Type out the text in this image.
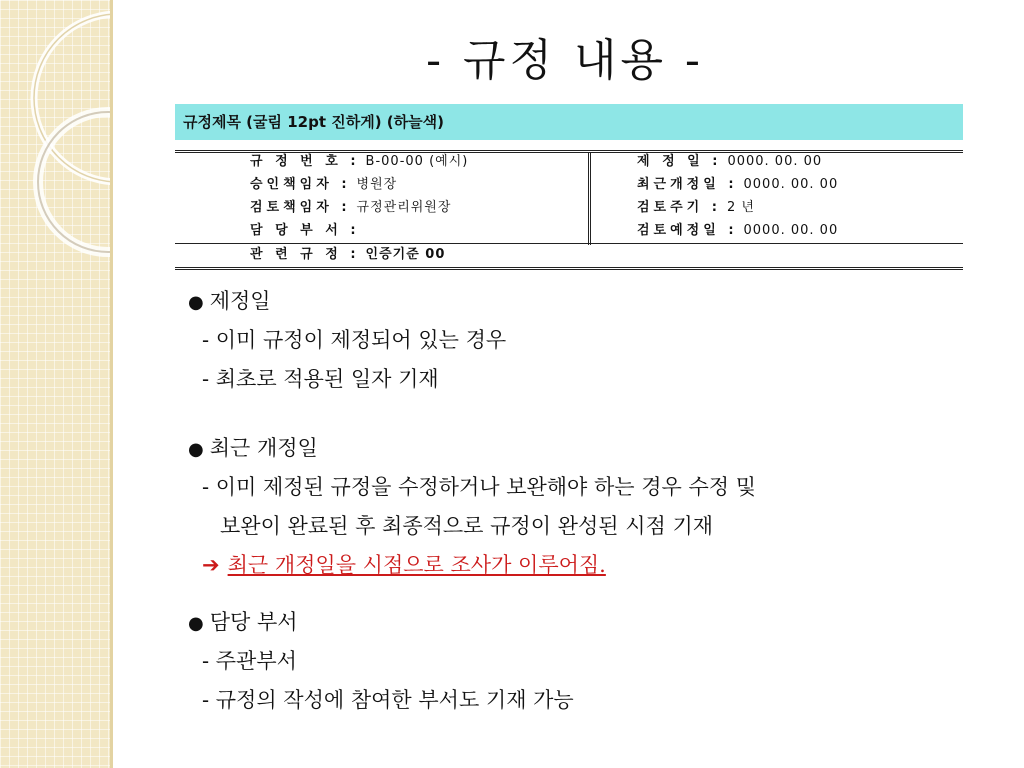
- 규정 내용 -
규정제목 (굴림 12pt 진하게) (하늘색)
규 정 번 호 : B-00-00 (예시)
승인책임자 : 병원장
검토책임자 : 규정관리위원장
담 당 부 서 :
제 정 일 : 0000. 00. 00
최근개정일 : 0000. 00. 00
검토주기 : 2 년
검토예정일 : 0000. 00. 00
관 련 규 정 : 인증기준 00
● 제정일
- 이미 규정이 제정되어 있는 경우
- 최초로 적용된 일자 기재
● 최근 개정일
- 이미 제정된 규정을 수정하거나 보완해야 하는 경우 수정 및
보완이 완료된 후 최종적으로 규정이 완성된 시점 기재
➔ 최근 개정일을 시점으로 조사가 이루어짐.
● 담당 부서
- 주관부서
- 규정의 작성에 참여한 부서도 기재 가능
